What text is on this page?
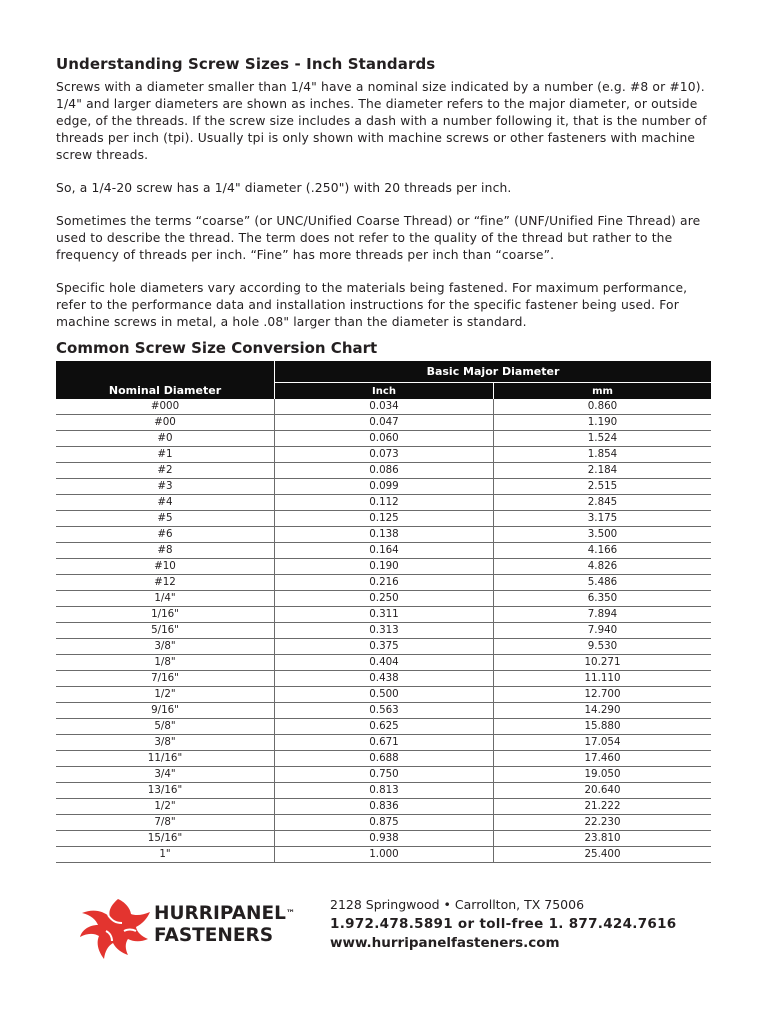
Understanding Screw Sizes - Inch Standards

Screws with a diameter smaller than 1/4" have a nominal size indicated by a number (e.g. #8 or #10). 1/4" and larger diameters are shown as inches. The diameter refers to the major diameter, or outside edge, of the threads. If the screw size includes a dash with a number following it, that is the number of threads per inch (tpi). Usually tpi is only shown with machine screws or other fasteners with machine screw threads.

So, a 1/4-20 screw has a 1/4" diameter (.250") with 20 threads per inch.

Sometimes the terms “coarse” (or UNC/Unified Coarse Thread) or “fine” (UNF/Unified Fine Thread) are used to describe the thread. The term does not refer to the quality of the thread but rather to the frequency of threads per inch. “Fine” has more threads per inch than “coarse”.

Specific hole diameters vary according to the materials being fastened. For maximum performance, refer to the performance data and installation instructions for the specific fastener being used. For machine screws in metal, a hole .08" larger than the diameter is standard.

Common Screw Size Conversion Chart
Nominal Diameter	Basic Major Diameter	
	Inch	mm
#000	0.034	0.860
#00	0.047	1.190
#0	0.060	1.524
#1	0.073	1.854
#2	0.086	2.184
#3	0.099	2.515
#4	0.112	2.845
#5	0.125	3.175
#6	0.138	3.500
#8	0.164	4.166
#10	0.190	4.826
#12	0.216	5.486
1/4"	0.250	6.350
1/16"	0.311	7.894
5/16"	0.313	7.940
3/8"	0.375	9.530
1/8"	0.404	10.271
7/16"	0.438	11.110
1/2"	0.500	12.700
9/16"	0.563	14.290
5/8"	0.625	15.880
3/8"	0.671	17.054
11/16"	0.688	17.460
3/4"	0.750	19.050
13/16"	0.813	20.640
1/2"	0.836	21.222
7/8"	0.875	22.230
15/16"	0.938	23.810
1"	1.000	25.400
HURRIPANEL™
FASTENERS
2128 Springwood • Carrollton, TX 75006
1.972.478.5891 or toll-free 1. 877.424.7616
www.hurripanelfasteners.com
